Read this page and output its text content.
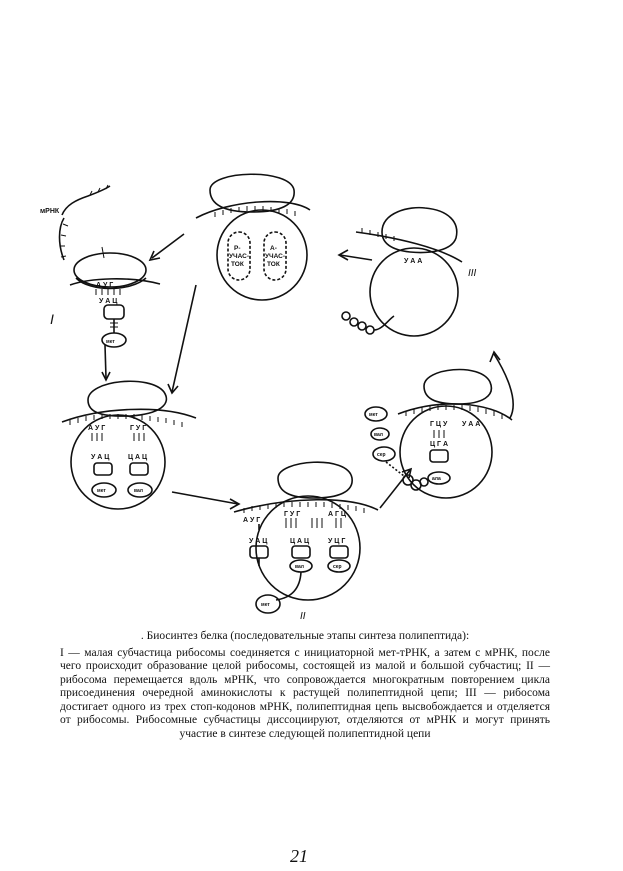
мРНК
I
II
III
Р- УЧАС- ТОК
А- УЧАС- ТОК
А У Г
У А Ц
мет
А У Г	Г У Г
У А Ц	Ц А Ц
мет	вал
А У Г
Г У Г	А Г Ц
У А Ц	Ц А Ц	У Ц Г
вал	сер
мет
Г Ц У У А А
Ц Г А
ала
мет
вал
сер
У А А
. Биосинтез белка (последовательные этапы синтеза полипептида):
I — малая субчастица рибосомы соединяется с инициаторной мет-тРНК, а затем с мРНК, после чего происходит образование целой рибосомы, состоящей из малой и большой субчастиц; II — рибосома перемещается вдоль мРНК, что сопровождается многократным повторением цикла присоединения очередной аминокислоты к растущей полипептидной цепи; III — рибосома достигает одного из трех стоп-кодонов мРНК, полипептидная цепь высвобождается и отделяется от рибосомы. Рибосомные субчастицы диссоциируют, отделяются от мРНК и могут принять участие в синтезе следующей полипептидной цепи
21
